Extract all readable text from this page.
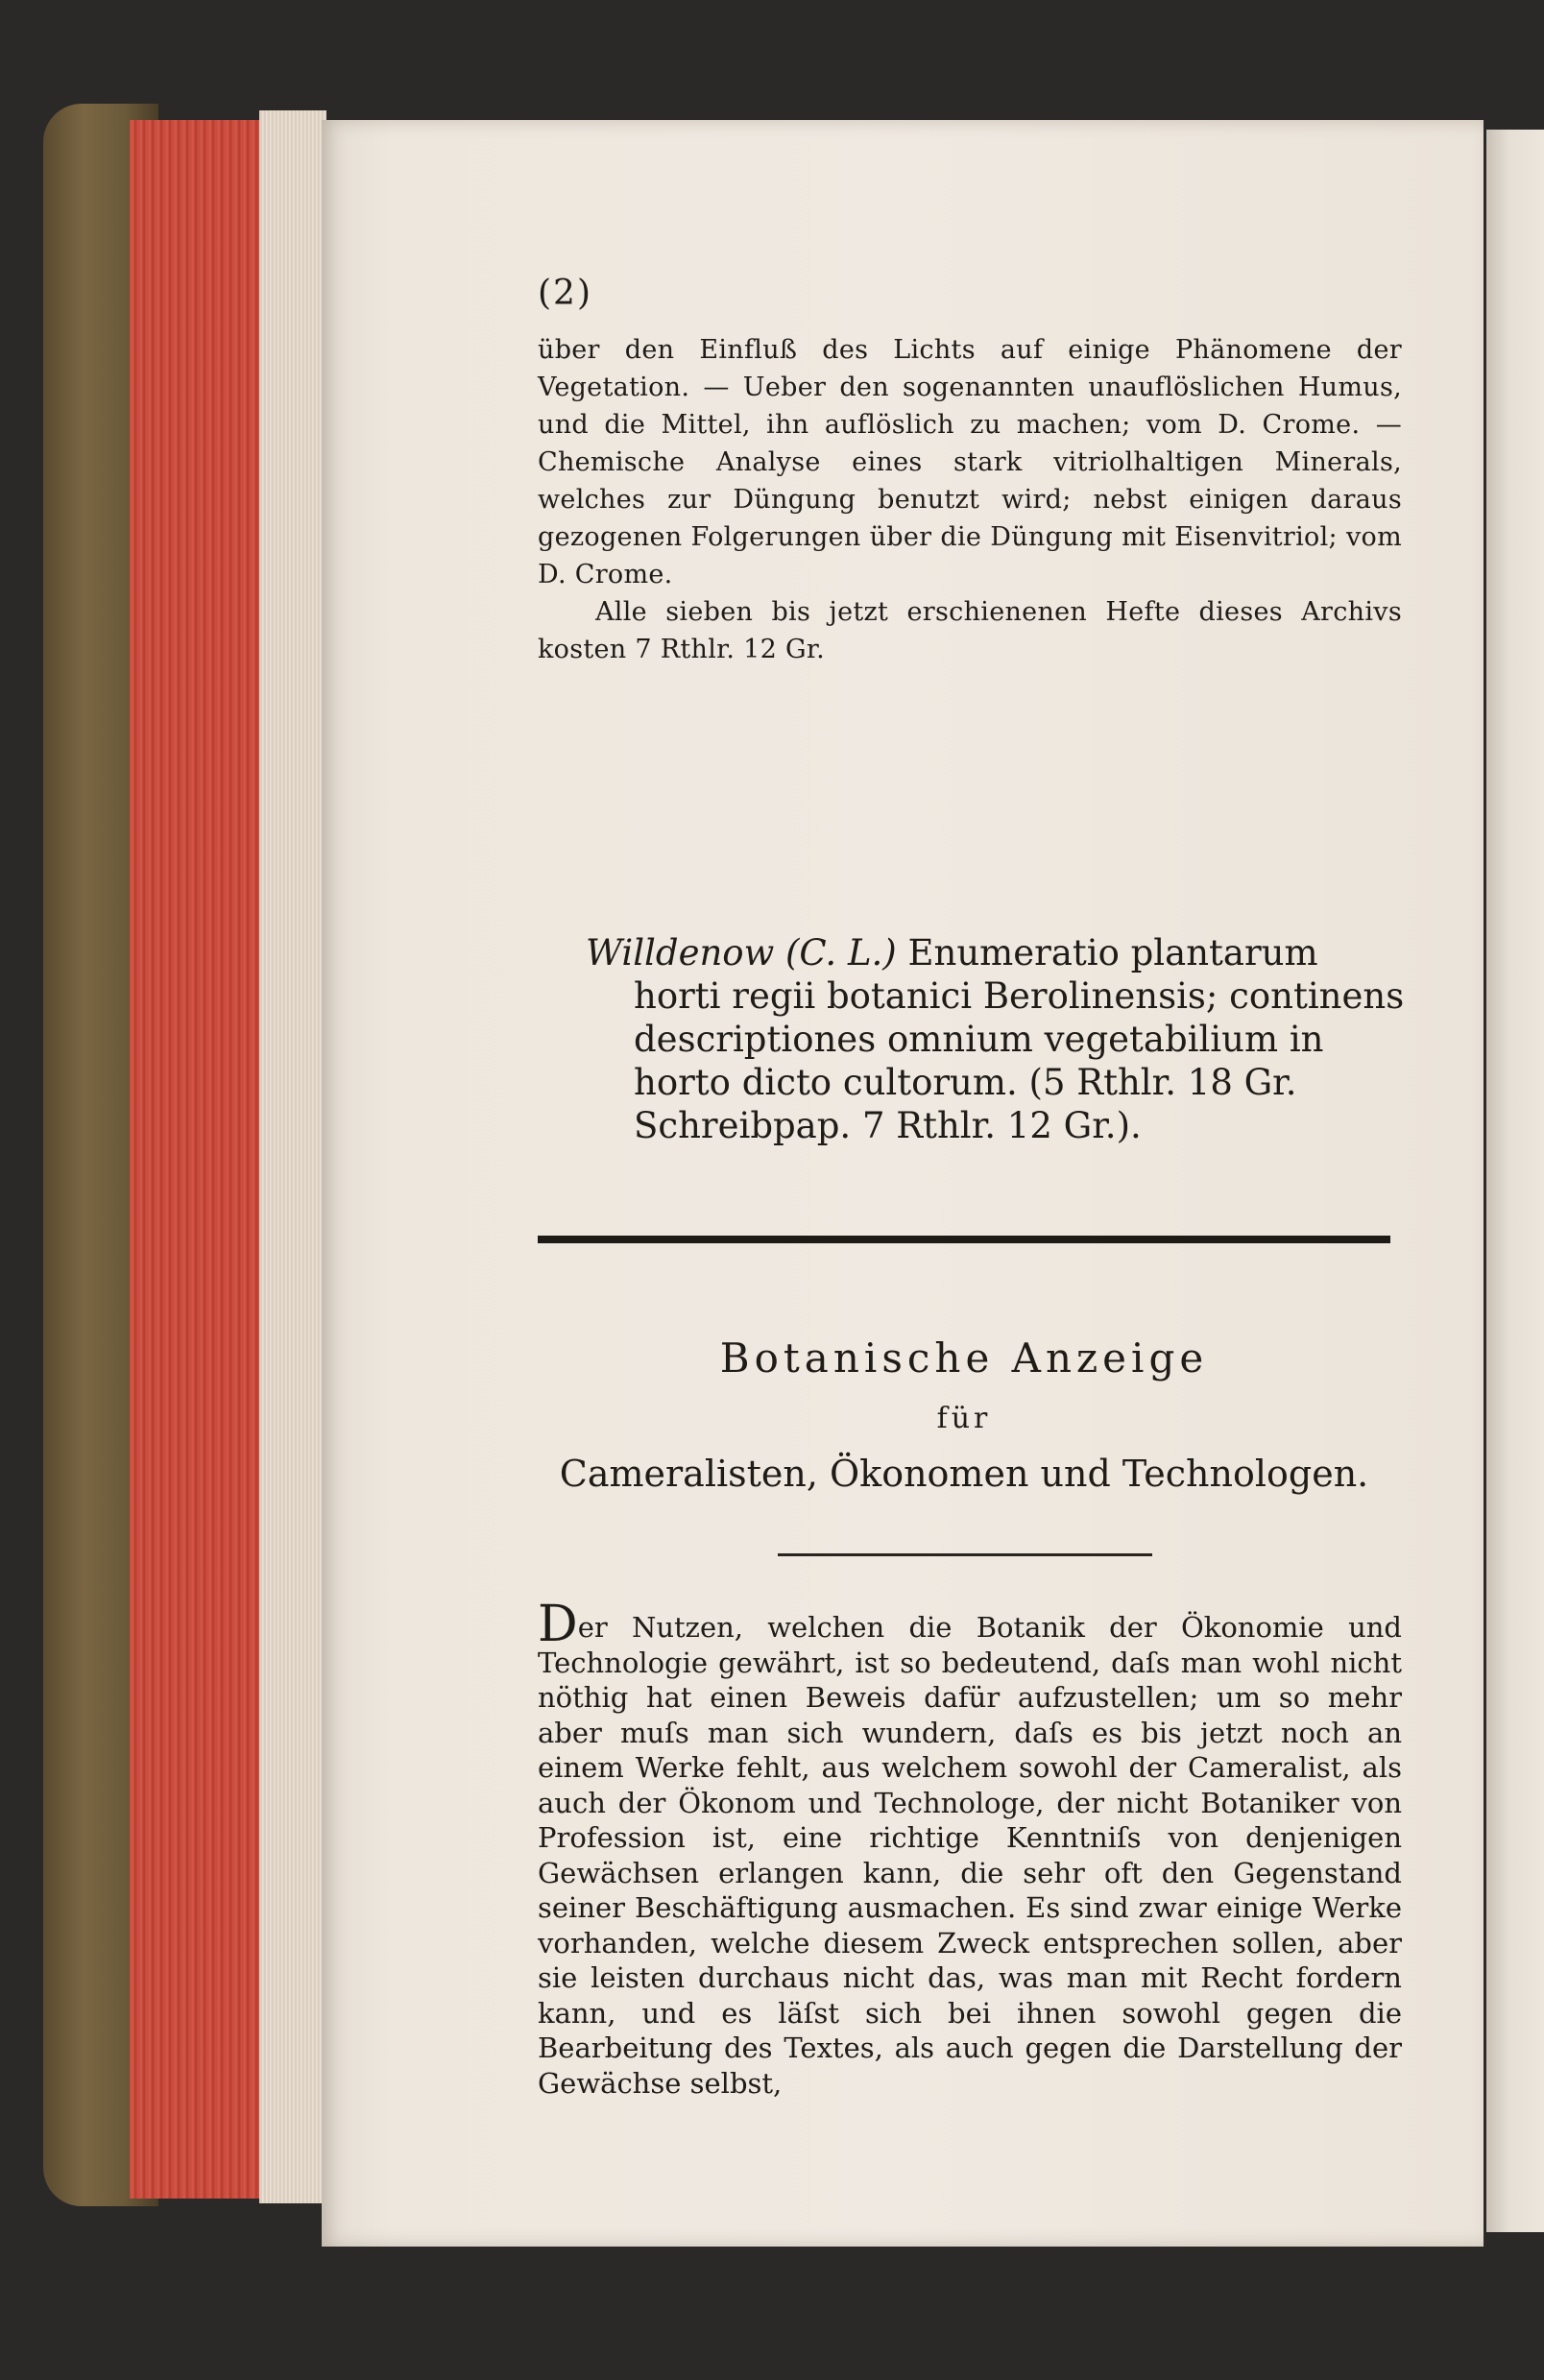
(2)
über den Einfluß des Lichts auf einige Phänomene der Vegetation. — Ueber den sogenannten unauflöslichen Humus, und die Mittel, ihn auflöslich zu machen; vom D. Crome. — Chemische Analyse eines stark vitriolhaltigen Minerals, welches zur Düngung benutzt wird; nebst einigen daraus gezogenen Folgerungen über die Düngung mit Eisenvitriol; vom D. Crome.
Alle sieben bis jetzt erschienenen Hefte dieses Archivs kosten 7 Rthlr. 12 Gr.
Willdenow (C. L.) Enumeratio plantarum horti regii botanici Berolinensis; continens descriptiones omnium vegetabilium in horto dicto cultorum. (5 Rthlr. 18 Gr. Schreibpap. 7 Rthlr. 12 Gr.).
Botanische Anzeige
für
Cameralisten, Ökonomen und Technologen.
Der Nutzen, welchen die Botanik der Ökonomie und Technologie gewährt, ist so bedeutend, daſs man wohl nicht nöthig hat einen Beweis dafür aufzustellen; um so mehr aber muſs man sich wundern, daſs es bis jetzt noch an einem Werke fehlt, aus welchem sowohl der Cameralist, als auch der Ökonom und Technologe, der nicht Botaniker von Profession ist, eine richtige Kenntniſs von denjenigen Gewächsen erlangen kann, die sehr oft den Gegenstand seiner Beschäftigung ausmachen. Es sind zwar einige Werke vorhanden, welche diesem Zweck entsprechen sollen, aber sie leisten durchaus nicht das, was man mit Recht fordern kann, und es läſst sich bei ihnen sowohl gegen die Bearbeitung des Textes, als auch gegen die Darstellung der Gewächse selbst,
